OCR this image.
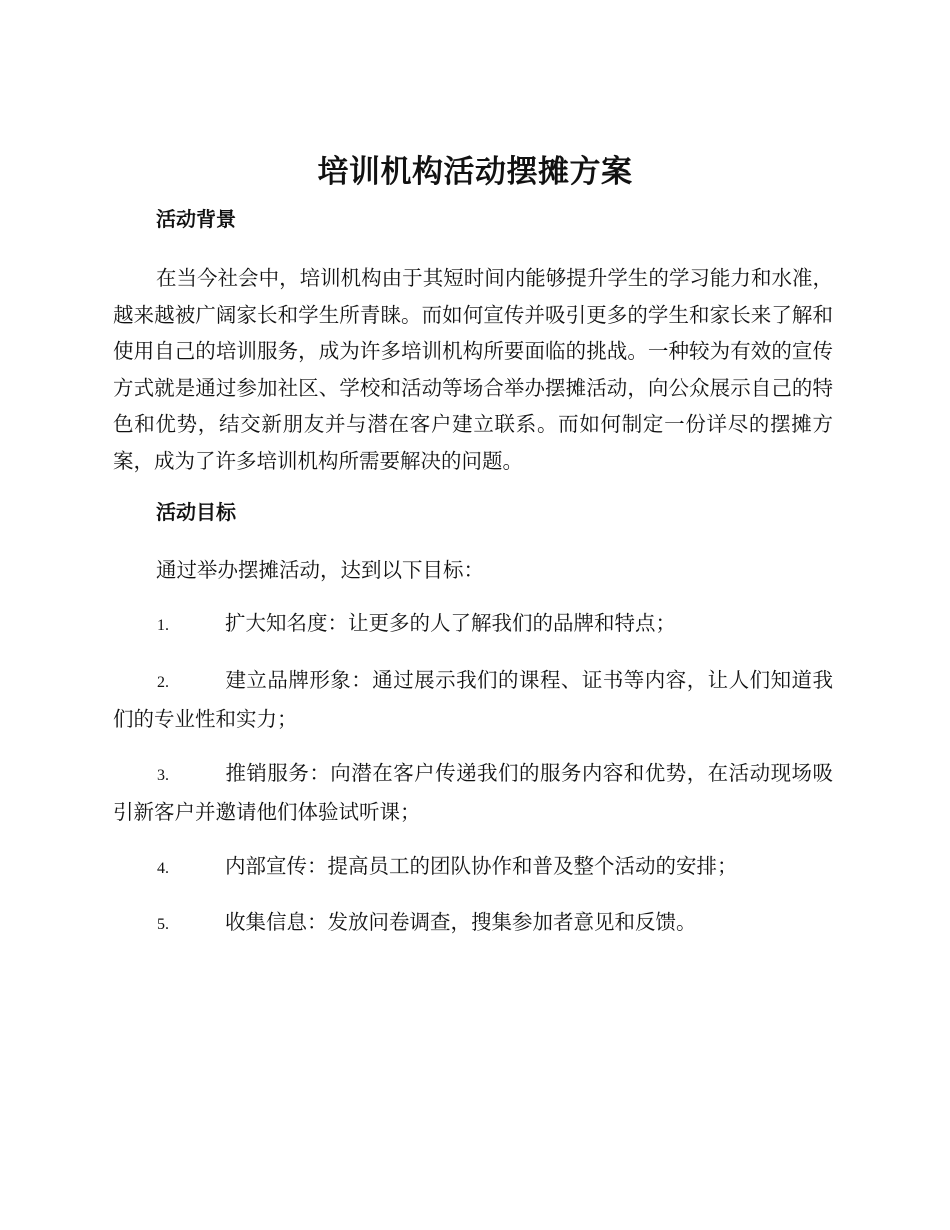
培训机构活动摆摊方案
活动背景

在当今社会中，培训机构由于其短时间内能够提升学生的学习能力和水准，越来越被广阔家长和学生所青睐。而如何宣传并吸引更多的学生和家长来了解和使用自己的培训服务，成为许多培训机构所要面临的挑战。一种较为有效的宣传方式就是通过参加社区、学校和活动等场合举办摆摊活动，向公众展示自己的特色和优势，结交新朋友并与潜在客户建立联系。而如何制定一份详尽的摆摊方案，成为了许多培训机构所需要解决的问题。

活动目标

通过举办摆摊活动，达到以下目标：

1.	扩大知名度：让更多的人了解我们的品牌和特点；
2.	建立品牌形象：通过展示我们的课程、证书等内容，让人们知道我们的专业性和实力；
3.	推销服务：向潜在客户传递我们的服务内容和优势，在活动现场吸引新客户并邀请他们体验试听课；
4.	内部宣传：提高员工的团队协作和普及整个活动的安排；
5.	收集信息：发放问卷调查，搜集参加者意见和反馈。
